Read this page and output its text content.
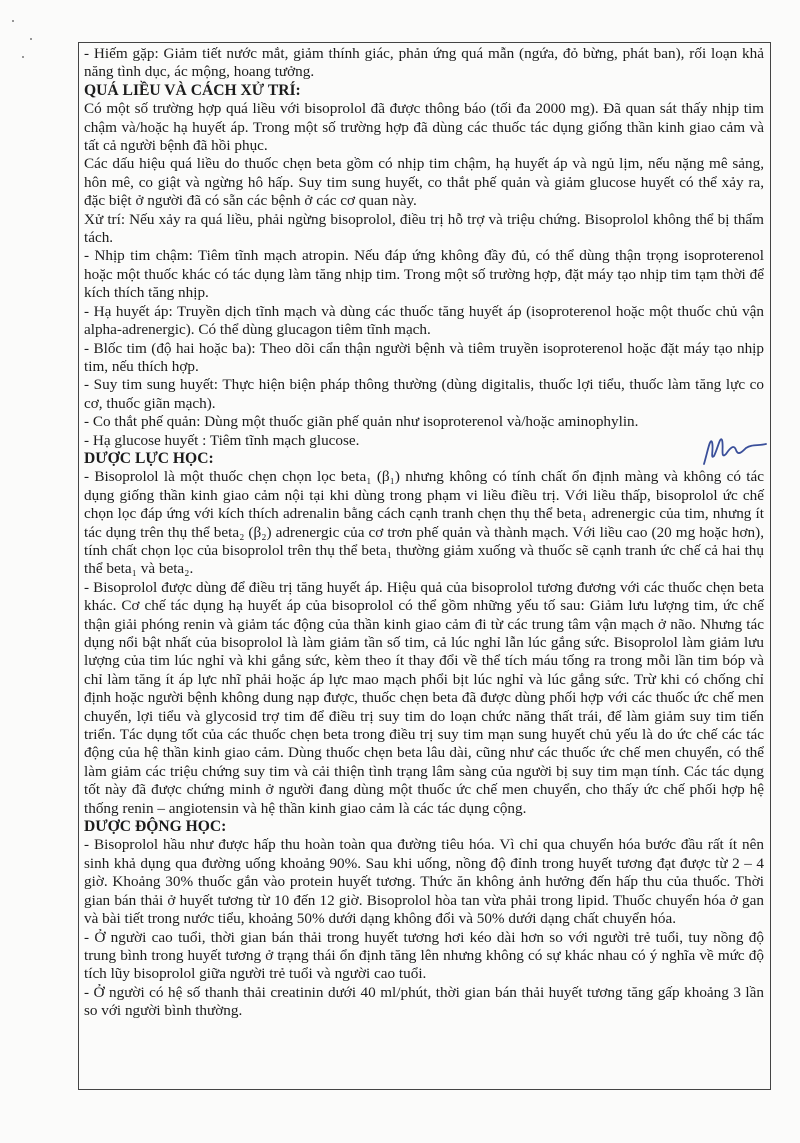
- Hiếm gặp: Giảm tiết nước mắt, giảm thính giác, phản ứng quá mẫn (ngứa, đỏ bừng, phát ban), rối loạn khả năng tình dục, ác mộng, hoang tưởng.

QUÁ LIỀU VÀ CÁCH XỬ TRÍ:

Có một số trường hợp quá liều với bisoprolol đã được thông báo (tối đa 2000 mg). Đã quan sát thấy nhịp tim chậm và/hoặc hạ huyết áp. Trong một số trường hợp đã dùng các thuốc tác dụng giống thần kinh giao cảm và tất cả người bệnh đã hồi phục.

Các dấu hiệu quá liều do thuốc chẹn beta gồm có nhịp tim chậm, hạ huyết áp và ngủ lịm, nếu nặng mê sảng, hôn mê, co giật và ngừng hô hấp. Suy tim sung huyết, co thắt phế quản và giảm glucose huyết có thể xảy ra, đặc biệt ở người đã có sẵn các bệnh ở các cơ quan này.

Xử trí: Nếu xảy ra quá liều, phải ngừng bisoprolol, điều trị hỗ trợ và triệu chứng. Bisoprolol không thể bị thẩm tách.

- Nhịp tim chậm: Tiêm tĩnh mạch atropin. Nếu đáp ứng không đầy đủ, có thể dùng thận trọng isoproterenol hoặc một thuốc khác có tác dụng làm tăng nhịp tim. Trong một số trường hợp, đặt máy tạo nhịp tim tạm thời để kích thích tăng nhịp.

- Hạ huyết áp: Truyền dịch tĩnh mạch và dùng các thuốc tăng huyết áp (isoproterenol hoặc một thuốc chủ vận alpha-adrenergic). Có thể dùng glucagon tiêm tĩnh mạch.

- Blốc tim (độ hai hoặc ba): Theo dõi cẩn thận người bệnh và tiêm truyền isoproterenol hoặc đặt máy tạo nhịp tim, nếu thích hợp.

- Suy tim sung huyết: Thực hiện biện pháp thông thường (dùng digitalis, thuốc lợi tiểu, thuốc làm tăng lực co cơ, thuốc giãn mạch).

- Co thắt phế quản: Dùng một thuốc giãn phế quản như isoproterenol và/hoặc aminophylin.

- Hạ glucose huyết : Tiêm tĩnh mạch glucose.

DƯỢC LỰC HỌC:

- Bisoprolol là một thuốc chẹn chọn lọc beta₁ (β₁) nhưng không có tính chất ổn định màng và không có tác dụng giống thần kinh giao cảm nội tại khi dùng trong phạm vi liều điều trị. Với liều thấp, bisoprolol ức chế chọn lọc đáp ứng với kích thích adrenalin bằng cách cạnh tranh chẹn thụ thể beta₁ adrenergic của tim, nhưng ít tác dụng trên thụ thể beta₂ (β₂) adrenergic của cơ trơn phế quản và thành mạch. Với liều cao (20 mg hoặc hơn), tính chất chọn lọc của bisoprolol trên thụ thể beta₁ thường giảm xuống và thuốc sẽ cạnh tranh ức chế cả hai thụ thể beta₁ và beta₂.

- Bisoprolol được dùng để điều trị tăng huyết áp. Hiệu quả của bisoprolol tương đương với các thuốc chẹn beta khác. Cơ chế tác dụng hạ huyết áp của bisoprolol có thể gồm những yếu tố sau: Giảm lưu lượng tim, ức chế thận giải phóng renin và giảm tác động của thần kinh giao cảm đi từ các trung tâm vận mạch ở não. Nhưng tác dụng nổi bật nhất của bisoprolol là làm giảm tần số tim, cả lúc nghỉ lẫn lúc gắng sức. Bisoprolol làm giảm lưu lượng của tim lúc nghỉ và khi gắng sức, kèm theo ít thay đổi về thể tích máu tống ra trong mỗi lần tim bóp và chỉ làm tăng ít áp lực nhĩ phải hoặc áp lực mao mạch phổi bịt lúc nghỉ và lúc gắng sức. Trừ khi có chống chỉ định hoặc người bệnh không dung nạp được, thuốc chẹn beta đã được dùng phối hợp với các thuốc ức chế men chuyển, lợi tiểu và glycosid trợ tim để điều trị suy tim do loạn chức năng thất trái, để làm giảm suy tim tiến triển. Tác dụng tốt của các thuốc chẹn beta trong điều trị suy tim mạn sung huyết chủ yếu là do ức chế các tác động của hệ thần kinh giao cảm. Dùng thuốc chẹn beta lâu dài, cũng như các thuốc ức chế men chuyển, có thể làm giảm các triệu chứng suy tim và cải thiện tình trạng lâm sàng của người bị suy tim mạn tính. Các tác dụng tốt này đã được chứng minh ở người đang dùng một thuốc ức chế men chuyển, cho thấy ức chế phối hợp hệ thống renin – angiotensin và hệ thần kinh giao cảm là các tác dụng cộng.

DƯỢC ĐỘNG HỌC:

- Bisoprolol hầu như được hấp thu hoàn toàn qua đường tiêu hóa. Vì chỉ qua chuyển hóa bước đầu rất ít nên sinh khả dụng qua đường uống khoảng 90%. Sau khi uống, nồng độ đỉnh trong huyết tương đạt được từ 2 – 4 giờ. Khoảng 30% thuốc gắn vào protein huyết tương. Thức ăn không ảnh hưởng đến hấp thu của thuốc. Thời gian bán thải ở huyết tương từ 10 đến 12 giờ. Bisoprolol hòa tan vừa phải trong lipid. Thuốc chuyển hóa ở gan và bài tiết trong nước tiểu, khoảng 50% dưới dạng không đổi và 50% dưới dạng chất chuyển hóa.

- Ở người cao tuổi, thời gian bán thải trong huyết tương hơi kéo dài hơn so với người trẻ tuổi, tuy nồng độ trung bình trong huyết tương ở trạng thái ổn định tăng lên nhưng không có sự khác nhau có ý nghĩa về mức độ tích lũy bisoprolol giữa người trẻ tuổi và người cao tuổi.

- Ở người có hệ số thanh thải creatinin dưới 40 ml/phút, thời gian bán thải huyết tương tăng gấp khoảng 3 lần so với người bình thường.
